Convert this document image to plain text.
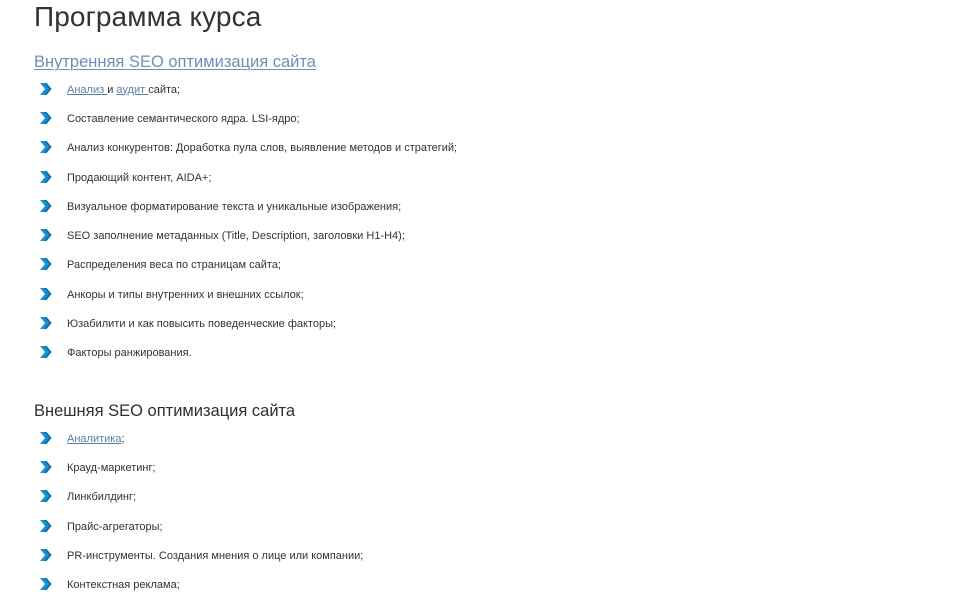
Программа курса
Внутренняя SEO оптимизация сайта
Анализ и аудит сайта;
Составление семантического ядра. LSI-ядро;
Анализ конкурентов: Доработка пула слов, выявление методов и стратегий;
Продающий контент, AIDA+;
Визуальное форматирование текста и уникальные изображения;
SEO заполнение метаданных (Title, Description, заголовки H1-H4);
Распределения веса по страницам сайта;
Анкоры и типы внутренних и внешних ссылок;
Юзабилити и как повысить поведенческие факторы;
Факторы ранжирования.
Внешняя SEO оптимизация сайта
Аналитика;
Крауд-маркетинг;
Линкбилдинг;
Прайс-агрегаторы;
PR-инструменты. Создания мнения о лице или компании;
Контекстная реклама;
